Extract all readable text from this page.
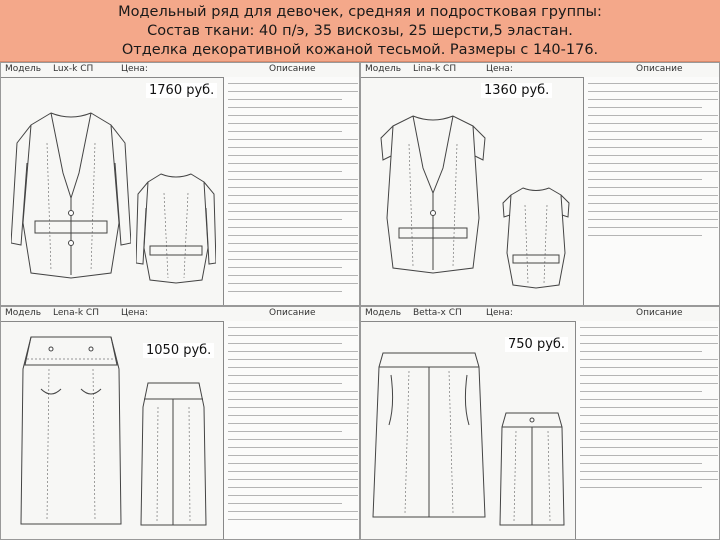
Модельный ряд для девочек, средняя и подростковая группы:
Состав ткани: 40 п/э, 35 вискозы, 25 шерсти,5 эластан.
Отделка декоративной кожаной тесьмой. Размеры с 140-176.
Модель Lux-k СП	Цена:	Описание
1760 руб.
Модель Lina-k СП	Цена:	Описание
1360 руб.
Модель Lena-k СП Цена:	Описание
1050 руб.
Модель Betta-x СП	Цена:	Описание
750 руб.
